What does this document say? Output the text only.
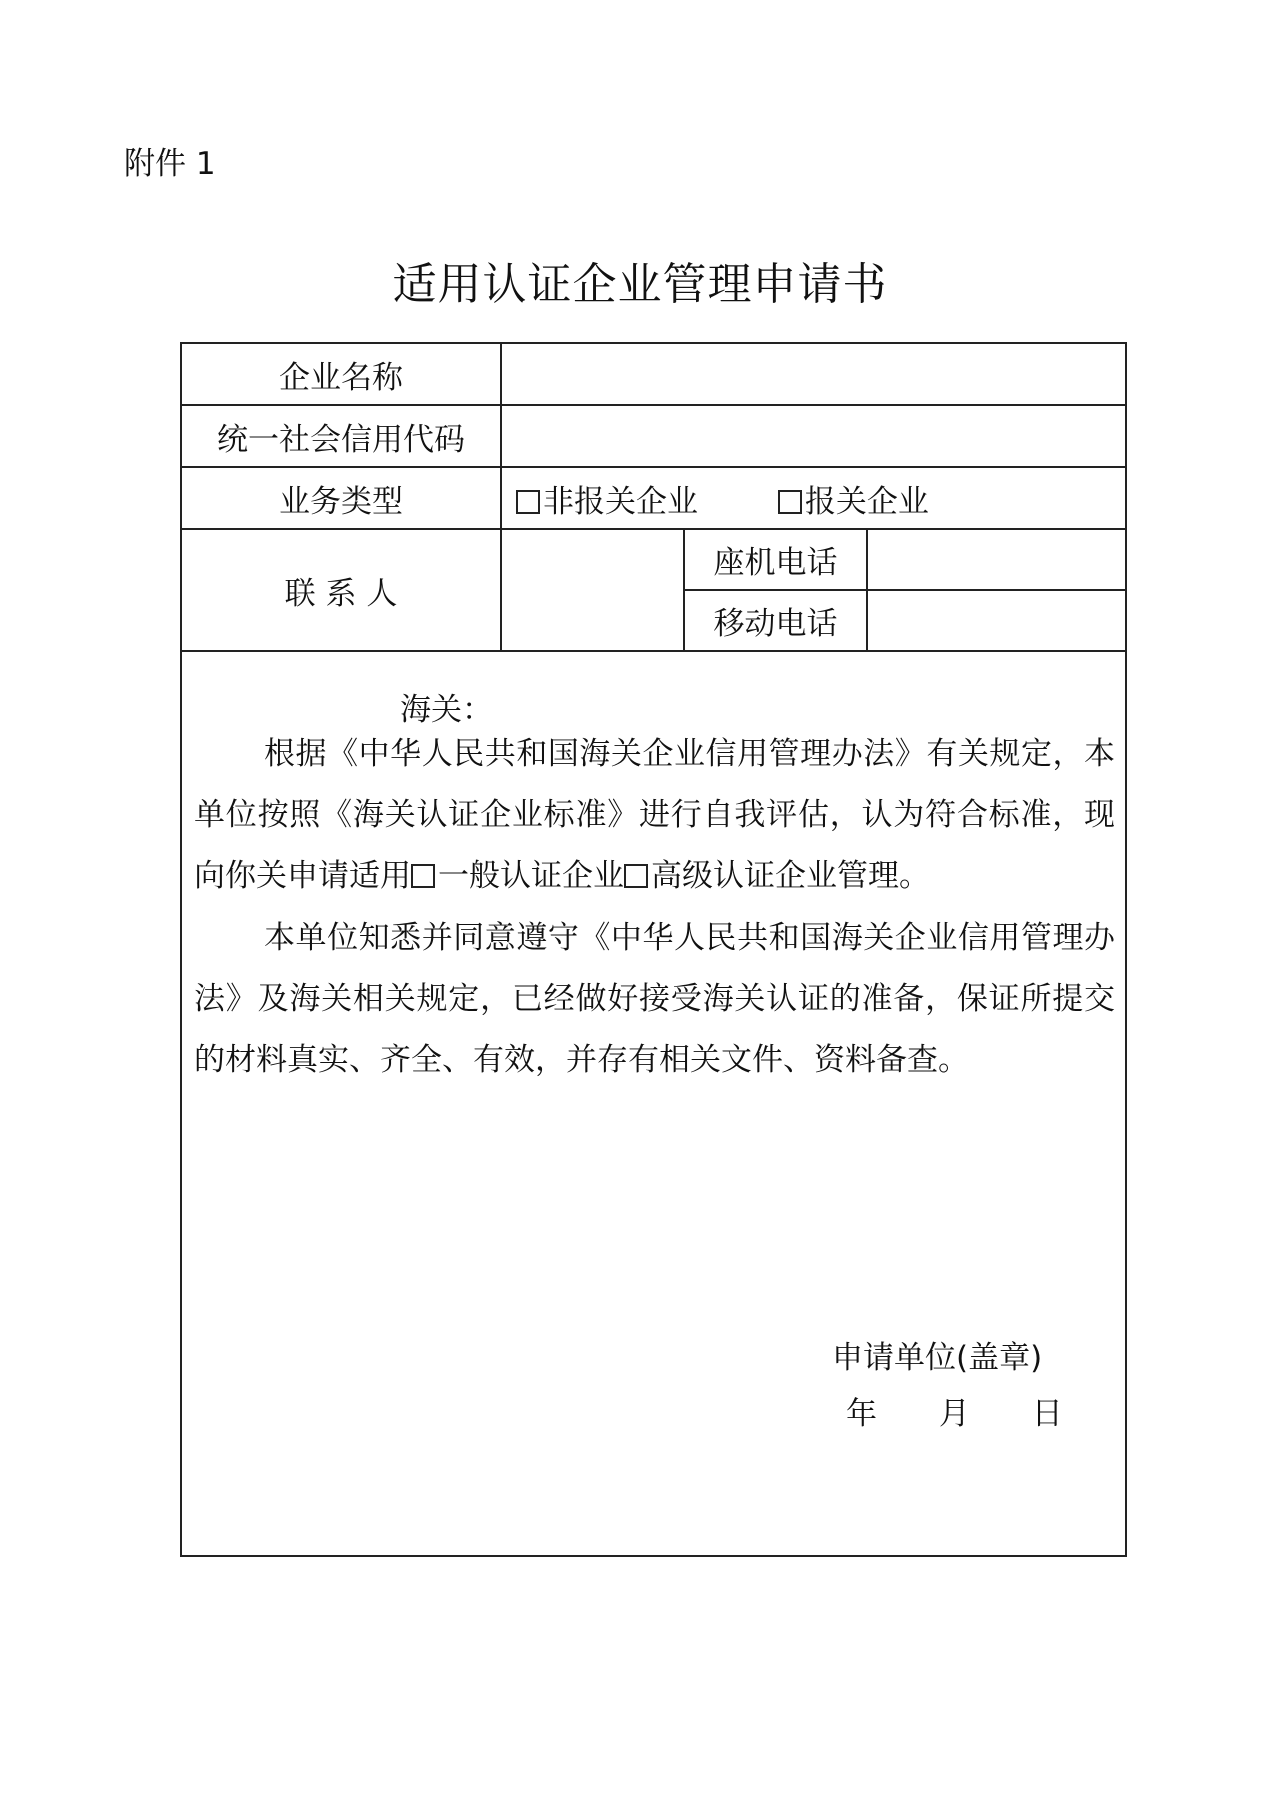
附件 1
适用认证企业管理申请书
企业名称			
统一社会信用代码			
业务类型	非报关企业 报关企业		
联 系 人		座机电话	
		移动电话	

海关：
根据《中华人民共和国海关企业信用管理办法》有关规定，本单位按照《海关认证企业标准》进行自我评估，认为符合标准，现向你关申请适用 一般认证企业 高级认证企业管理。
本单位知悉并同意遵守《中华人民共和国海关企业信用管理办法》及海关相关规定，已经做好接受海关认证的准备，保证所提交的材料真实、齐全、有效，并存有相关文件、资料备查。
申请单位(盖章)
年 月 日			
